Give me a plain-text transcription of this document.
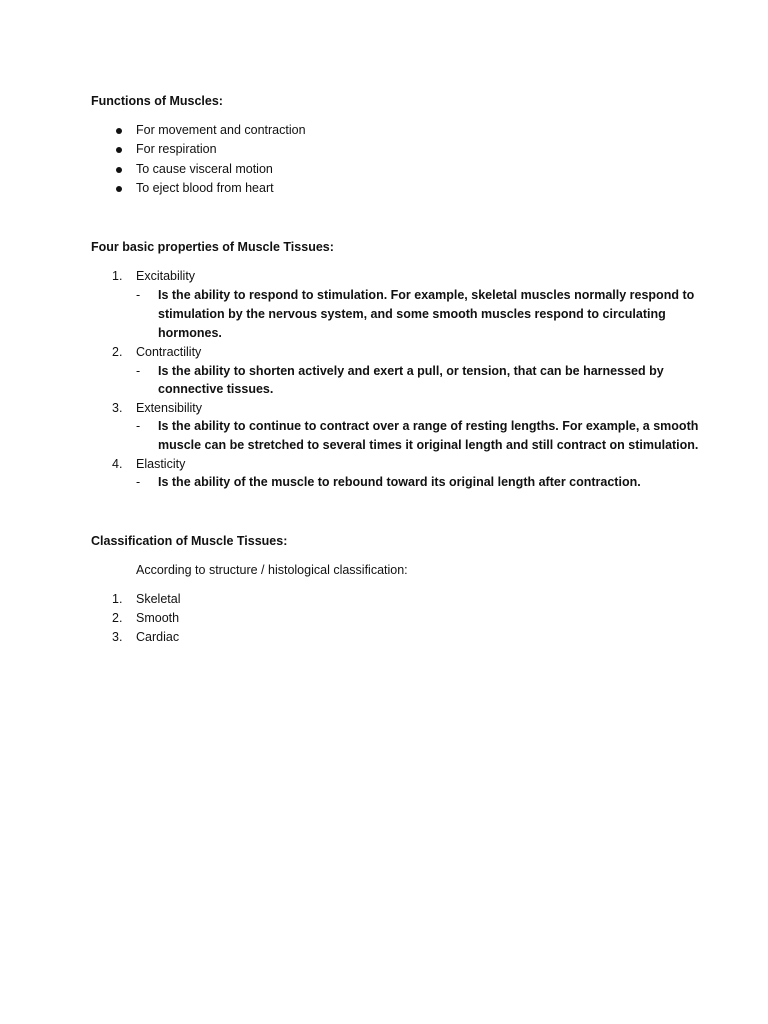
Functions of Muscles:
For movement and contraction
For respiration
To cause visceral motion
To eject blood from heart
Four basic properties of Muscle Tissues:
1. Excitability
- Is the ability to respond to stimulation. For example, skeletal muscles normally respond to
stimulation by the nervous system, and some smooth muscles respond to circulating
hormones.
2. Contractility
- Is the ability to shorten actively and exert a pull, or tension, that can be harnessed by
connective tissues.
3. Extensibility
- Is the ability to continue to contract over a range of resting lengths. For example, a smooth
muscle can be stretched to several times it original length and still contract on stimulation.
4. Elasticity
- Is the ability of the muscle to rebound toward its original length after contraction.
Classification of Muscle Tissues:
According to structure / histological classification:
1. Skeletal
2. Smooth
3. Cardiac
